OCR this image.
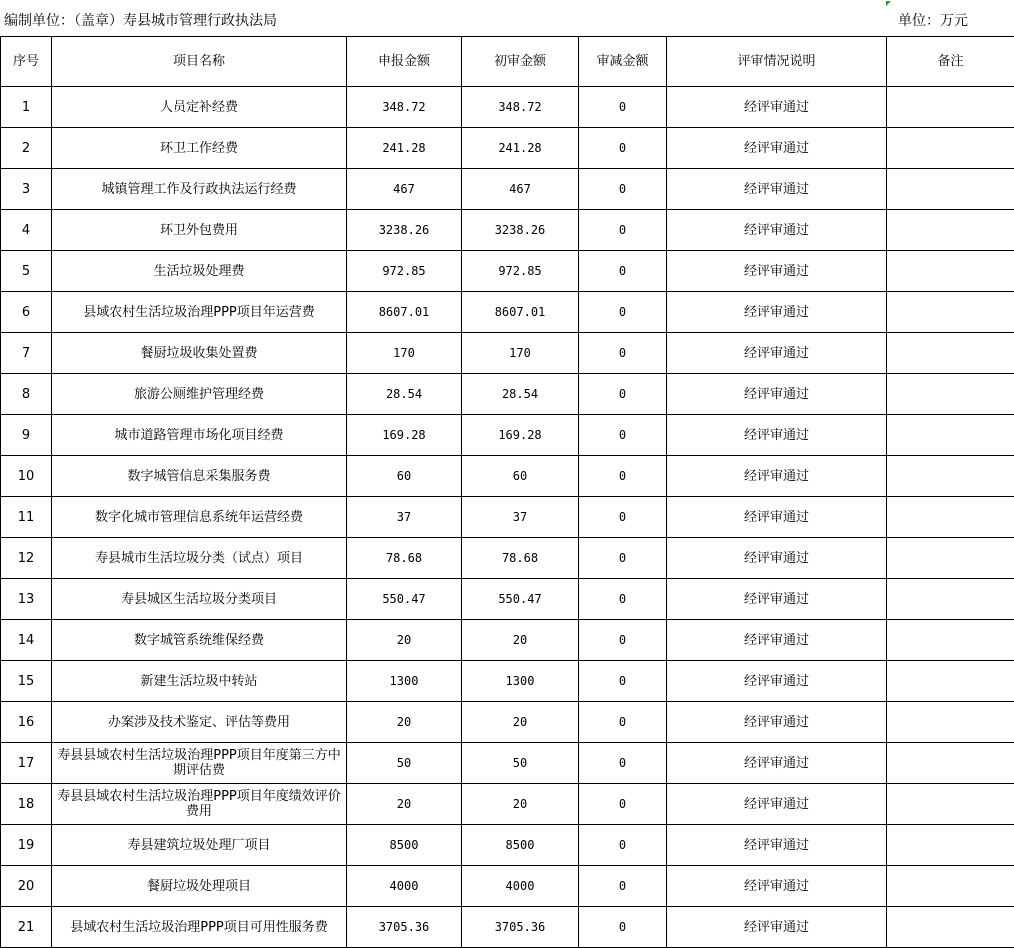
编制单位：（盖章）寿县城市管理行政执法局	单位：万元
序号	项目名称	申报金额	初审金额	审减金额	评审情况说明	备注
1	人员定补经费	348.72	348.72	0	经评审通过	
2	环卫工作经费	241.28	241.28	0	经评审通过	
3	城镇管理工作及行政执法运行经费	467	467	0	经评审通过	
4	环卫外包费用	3238.26	3238.26	0	经评审通过	
5	生活垃圾处理费	972.85	972.85	0	经评审通过	
6	县域农村生活垃圾治理PPP项目年运营费	8607.01	8607.01	0	经评审通过	
7	餐厨垃圾收集处置费	170	170	0	经评审通过	
8	旅游公厕维护管理经费	28.54	28.54	0	经评审通过	
9	城市道路管理市场化项目经费	169.28	169.28	0	经评审通过	
10	数字城管信息采集服务费	60	60	0	经评审通过	
11	数字化城市管理信息系统年运营经费	37	37	0	经评审通过	
12	寿县城市生活垃圾分类（试点）项目	78.68	78.68	0	经评审通过	
13	寿县城区生活垃圾分类项目	550.47	550.47	0	经评审通过	
14	数字城管系统维保经费	20	20	0	经评审通过	
15	新建生活垃圾中转站	1300	1300	0	经评审通过	
16	办案涉及技术鉴定、评估等费用	20	20	0	经评审通过	
17	寿县县域农村生活垃圾治理PPP项目年度第三方中期评估费	50	50	0	经评审通过	
18	寿县县域农村生活垃圾治理PPP项目年度绩效评价费用	20	20	0	经评审通过	
19	寿县建筑垃圾处理厂项目	8500	8500	0	经评审通过	
20	餐厨垃圾处理项目	4000	4000	0	经评审通过	
21	县域农村生活垃圾治理PPP项目可用性服务费	3705.36	3705.36	0	经评审通过	
